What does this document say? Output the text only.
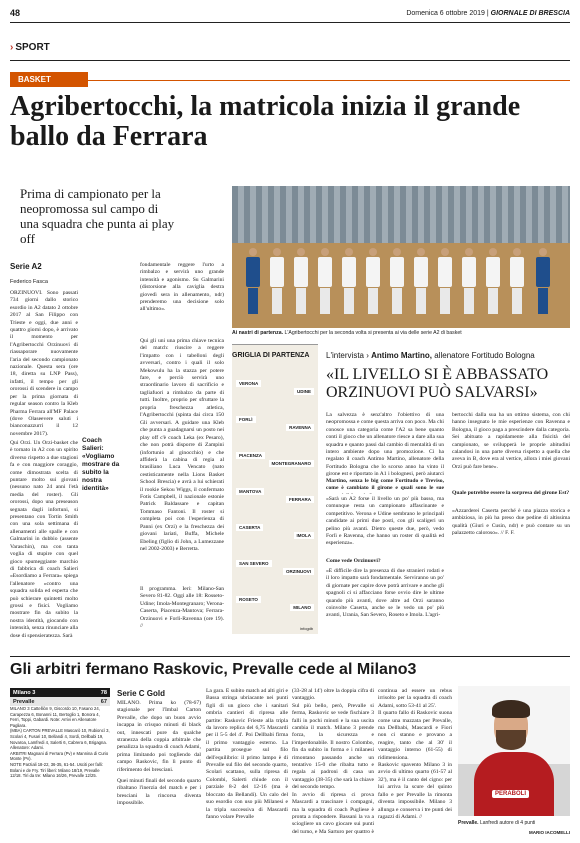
48	Domenica 6 ottobre 2019 | GIORNALE DI BRESCIA
› SPORT
BASKET
Agribertocchi, la matricola inizia il grande ballo da Ferrara
Prima di campionato per la neopromossa sul campo di una squadra che punta ai play off
Serie A2
Federico Fasca
ORZINUOVI. Sono passati 734 giorni dallo storico esordio in A2 datato 2 ottobre 2017 al San Filippo con Trieste e oggi, due anni e quattro giorni dopo, è arrivato il momento per l'Agribertocchi Orzinuovi di riassaporare nuovamente l'aria del secondo campionato nazionale. Questa sera (ore 18, diretta su LNP Pass), infatti, il tempo per gli ororossi di scendere in campo per la prima giornata di regular season contro la Kleb Pharma Ferrara all'MF Palace (dove Olaseevere saluti i bianconazzurri il 12 novembre 2017).
Qui Orzi. Un Orzi-basket che è tornato in A2 con un spirito diverso rispetto a due stagioni fa e con maggiore coraggio, come dimostrata scelta di puntare molto sui giovani (nessuno nato 24 anni l'età media del roster). Gli ororossi, dopo una preseason segnata dagli infortuni, si presentano con Tortin Smith con una sola settimana di allenamenti alle spalle e con Galmarini in dubbio (assente Varaschin), ma con tanta voglia di stupire con quel gioco spumeggiante marchio di fabbrica di coach Salieri «Esordiamo a Ferrara» spiega l'allenatore «contro una squadra solida ed esperta che può schierare quintetti molto grossi e fisici. Vogliamo mostrare fin da subito la nostra identità, giocando con intensità, senza rinunciare alla dose di spensieratezza. Sarà
Coach Salieri: «Vogliamo mostrare da subito la nostra identità»
fondamentale reggere l'urto a rimbalzo e servirà uno grande intensità e agonismo. Su Galmarini (distorsione alla caviglia destra giovedì sera in allenamento, ndr) prenderemo una decisione solo all'ultimo».
Qui gli uni una prima chiave tecnica del match: riuscire a reggere l'impatto con i tabelloni degli avversari, contro i quali il solo Mekowulu ha la stazza per potere fare, e perciò servirà uno straordinario lavoro di sacrificio e tagliafuori a rimbalzo da parte di tutti. Inoltre, proprio per sfruttare la propria freschezza atletica, l'Agribertocchi (spinta dai circa 150
Gli avversari. A guidare una Kleb che punta a guadagnarsi un posto nei play off c'è coach Leka (ex Pesaro), che non potrà disporre di Zampini (infortunio al ginocchio) e che affiderà la cabina di regia al brasiliano Luca Vencato (nato cestisticamente nella Lions Basket School Brescia) e avrà a lui schierati il rookie Sekou Wiggs, il confermato Fotis Campbell, il nazionale estonie Patrick Baldassare e capitan Tommaso Fantoni. Il roster si completa poi con l'esperienza di Panni (ex Orzi) e la freschezza dei giovani lariati, Buffa, Michele Ebeling (figlio di John, a Lumezzane nel 2002-2003) e Berretta.
Il programma. Ieri: Milano-San Severo 81-82. Oggi alle 18: Rosseto-Udine; Imola-Montegranaro; Verona-Caserta, Piacenza-Mantova; Ferrara-Orzinuovi e Forlì-Ravenna (ore 19). //
Ai nastri di partenza. L'Agribertocchi per la seconda volta si presenta ai via delle serie A2 di basket
GRIGLIA DI PARTENZA
VERONA
UDINE
FORLÌ
RAVENNA
PIACENZA
MONTEGRANARO
MANTOVA
FERRARA
CASERTA
IMOLA
SAN SEVERO
ORZINUOVI
ROSETO
MILANO
infogdb
L'intervista › Antimo Martino, allenatore Fortitudo Bologna
«IL LIVELLO SI È ABBASSATO ORZINUOVI PUÒ SALVARSI»
La salvezza è senz'altro l'obiettivo di una neopromossa e come questa arriva con poco. Ma chi conosce una categoria come l'A2 sa bene quanto conti il gioco che un allenatore riesce a dare alla sua squadra e quanto passi dal cambio di mentalità di un intero ambiente dopo una promozione. Ci ha regalato il coach Antimo Martino, allenatore della Fortitudo Bologna che lo scorso anno ha vinto il girone est e riportato in A1 i bolognesi, però aiutarci
Martino, senza le big come Fortitudo e Treviso, come è cambiato il girone e quali sono le sue
«Sarà un A2 forse il livello un po' più basso, ma comunque resta un campionato affascinante e competitivo. Verona e Udine sembrano le principali candidate ai primi due posti, con gli scaligeri un pelino più avanti. Dietro queste due, però, vedo Forlì e Ravenna, che hanno un roster di qualità ed esperienza».
Come vede Orzinuovi?
«È difficile dire la presenza di due stranieri rodati e il loro impatto sarà fondamentale. Serviranno un po' di giornate per capire dove potrà arrivare e anche gli spagnoli ci si affacciano forse ovvio dire le ultime quando più avanti, dove altre ad Orzi saranno coinvolte Caserta, anche se le vedo un po' più avanti, Urania, San Severo, Roseto e Imola. L'agri-
bertocchi dalla sua ha un ottimo sistema, con chi hanno insegnato le mie esperienze con Ravenna e Bologna, il gioco paga a prescindere dalla categoria. Sei abituato a rapidamente alla fisicità del campionato, se svilupperà le proprie abitudini calandosi in una parte diversa rispetto a quella che aveva in B, dove era al vertice, allora i miei giovani Orzi può fare bene».
Quale potrebbe essere la sorpresa del girone Est?
«Azzarderei Caserta perché è una piazza storica e ambiziosa, in più ha preso due pedine di altissima qualità (Giuri e Cusin, ndr) e può contare su un palazzetto caloroso». // F. F.
Gli arbitri fermano Raskovic, Prevalle cede al Milano3
Milano 3	78
Prevalle	67
MILANO 3 Cattelliòn 9, Giscordo 10, Fasano 24, Carapezza 6, Bonanni 11, Bertoglio 1, Bonora 4, Ferri, Toppi, Gabardi. Note: Arrivi en Allenatore Pagliara.
(MBA) CARTON PREVALLE Mascarò 10, Rubioncì 3, Scolari 4, Fusari 10, Bellandi 4, Sordi, Dellbabi 19, Novaroa, Lamfredi 4, Salerti 6, Cabrera 6, Brigagna.
Allenatore: Adami.
ARBITRI Magnani di Ferrara (Pv) e Mannina di Curio Monte (Pv).
NOTE Parziali 18-22, 36-35, 61-54. Usciti per falli: Bolani e de Fry. Tiri liberi: Milano 18/19, Prevalle 12/18. Tiri da tre: Milano 16/26, Prevalle 12/25.
Serie C Gold
MILANO. Prima ko (78-67) stagionale per l'Imbal Carton Prevalle, che dopo un buon avvio incappa in crisquo minuti di black out, innescati pure da qualche stranezza della coppia arbitrale che penalizza la squadra di coach Adami, prima limitando poi togliendo dal campo Raskovic, fin lì punto di riferimento dei bresciani.
Quei minuti finali del secondo quarto ribaltano l'inerzia del match e per i bresciani la rincorsa diventa impossibile.
La gara. È subito match ad alti giri e Bassa stringa ubriacante nei punti figli di un gioco che i sanitari ombria cantieri di ripresa alle partite: Raskovic Frieste alla tripla da lavoro replica del 6,75 Mascardi per il 5-5 del 4'. Poi Dellbabi firma il primo vantaggio esterno. La partita prosegue sul filo dell'equilibrio: il primo lampo è di Prevalle sul filo del secondo quarto, Scolari scattano, sulla ripresa di Colombi, Salerti chiude con il parziale 8-2 del 12-16 (ma è bloccato da Bellandi). Un calo del suo esordio con uso più Milanesi e la tripla successiva di Mascardi fanno volare Prevalle
(33-28 al 14') oltre la doppia cifra di vantaggio.
Sul più bello, però, Prevalle si ferma, Raskovic se vede fischiare 3 falli in pochi minuti e la sua uscita cambia il match. Milano 3 prende forza, la sicurezza e l'imperdonabile. Il nostro Colombo, fin da subito in forma e i milanesi rimontano passando anche un tentativo 15-0 che ribalta tutto e regala ai padroni di casa un vantaggio (38-35) che sarà la chiave del secondo tempo.
In avvio di ripresa ci prova Mascardi a trascinare i compagni, ma la squadra di coach Pugliese è pronta a rispondere. Bassani la va a sciogliere un cavo giocare sui punti del turno, e Ma Sarturo per quattro è
continua ad essere un rebus irrisolto per la squadra di coach Adami, sotto 53-41 al 25'.
Il quarto fallo di Raskovic suona come una mazzata per Prevalle, ma Dellbabi, Mascardi e Fiori non ci stanno e provano a reagire, tanto che al 30' il vantaggio interno (61-55) di ridimensiona.
Raskovic spavento Milano 3 in avvio di ultimo quarto (61-57 al 32'), ma è il canto del cigno: per lui arriva la scure del quinto fallo e per Prevalle la rimonta diventa impossibile. Milano 3 allunga e conserva i tre punti dei ragazzi di Adami. //
PERABOLI
Prevalle. Lanfredi autore di 4 punti
MARIO IACOMELLI
